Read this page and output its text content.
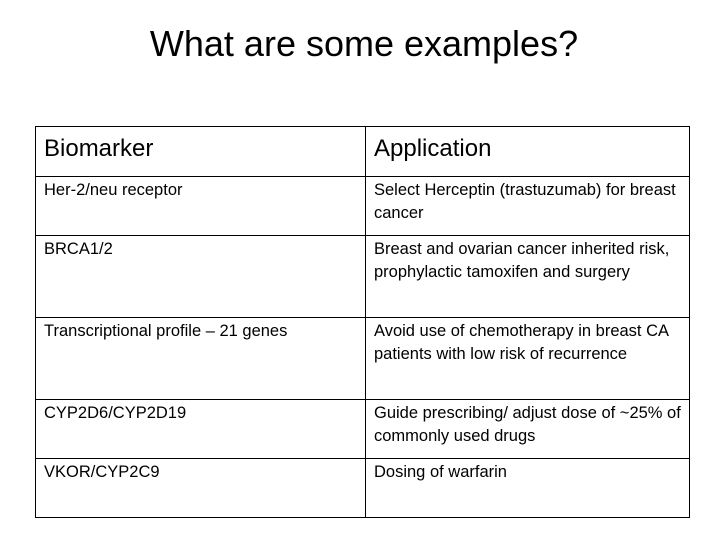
What are some examples?
Biomarker	Application
Her-2/neu receptor	Select Herceptin (trastuzumab) for breast cancer
BRCA1/2	Breast and ovarian cancer inherited risk, prophylactic tamoxifen and surgery
Transcriptional profile – 21 genes	Avoid use of chemotherapy in breast CA patients with low risk of recurrence
CYP2D6/CYP2D19	Guide prescribing/ adjust dose of ~25% of commonly used drugs
VKOR/CYP2C9	Dosing of warfarin
